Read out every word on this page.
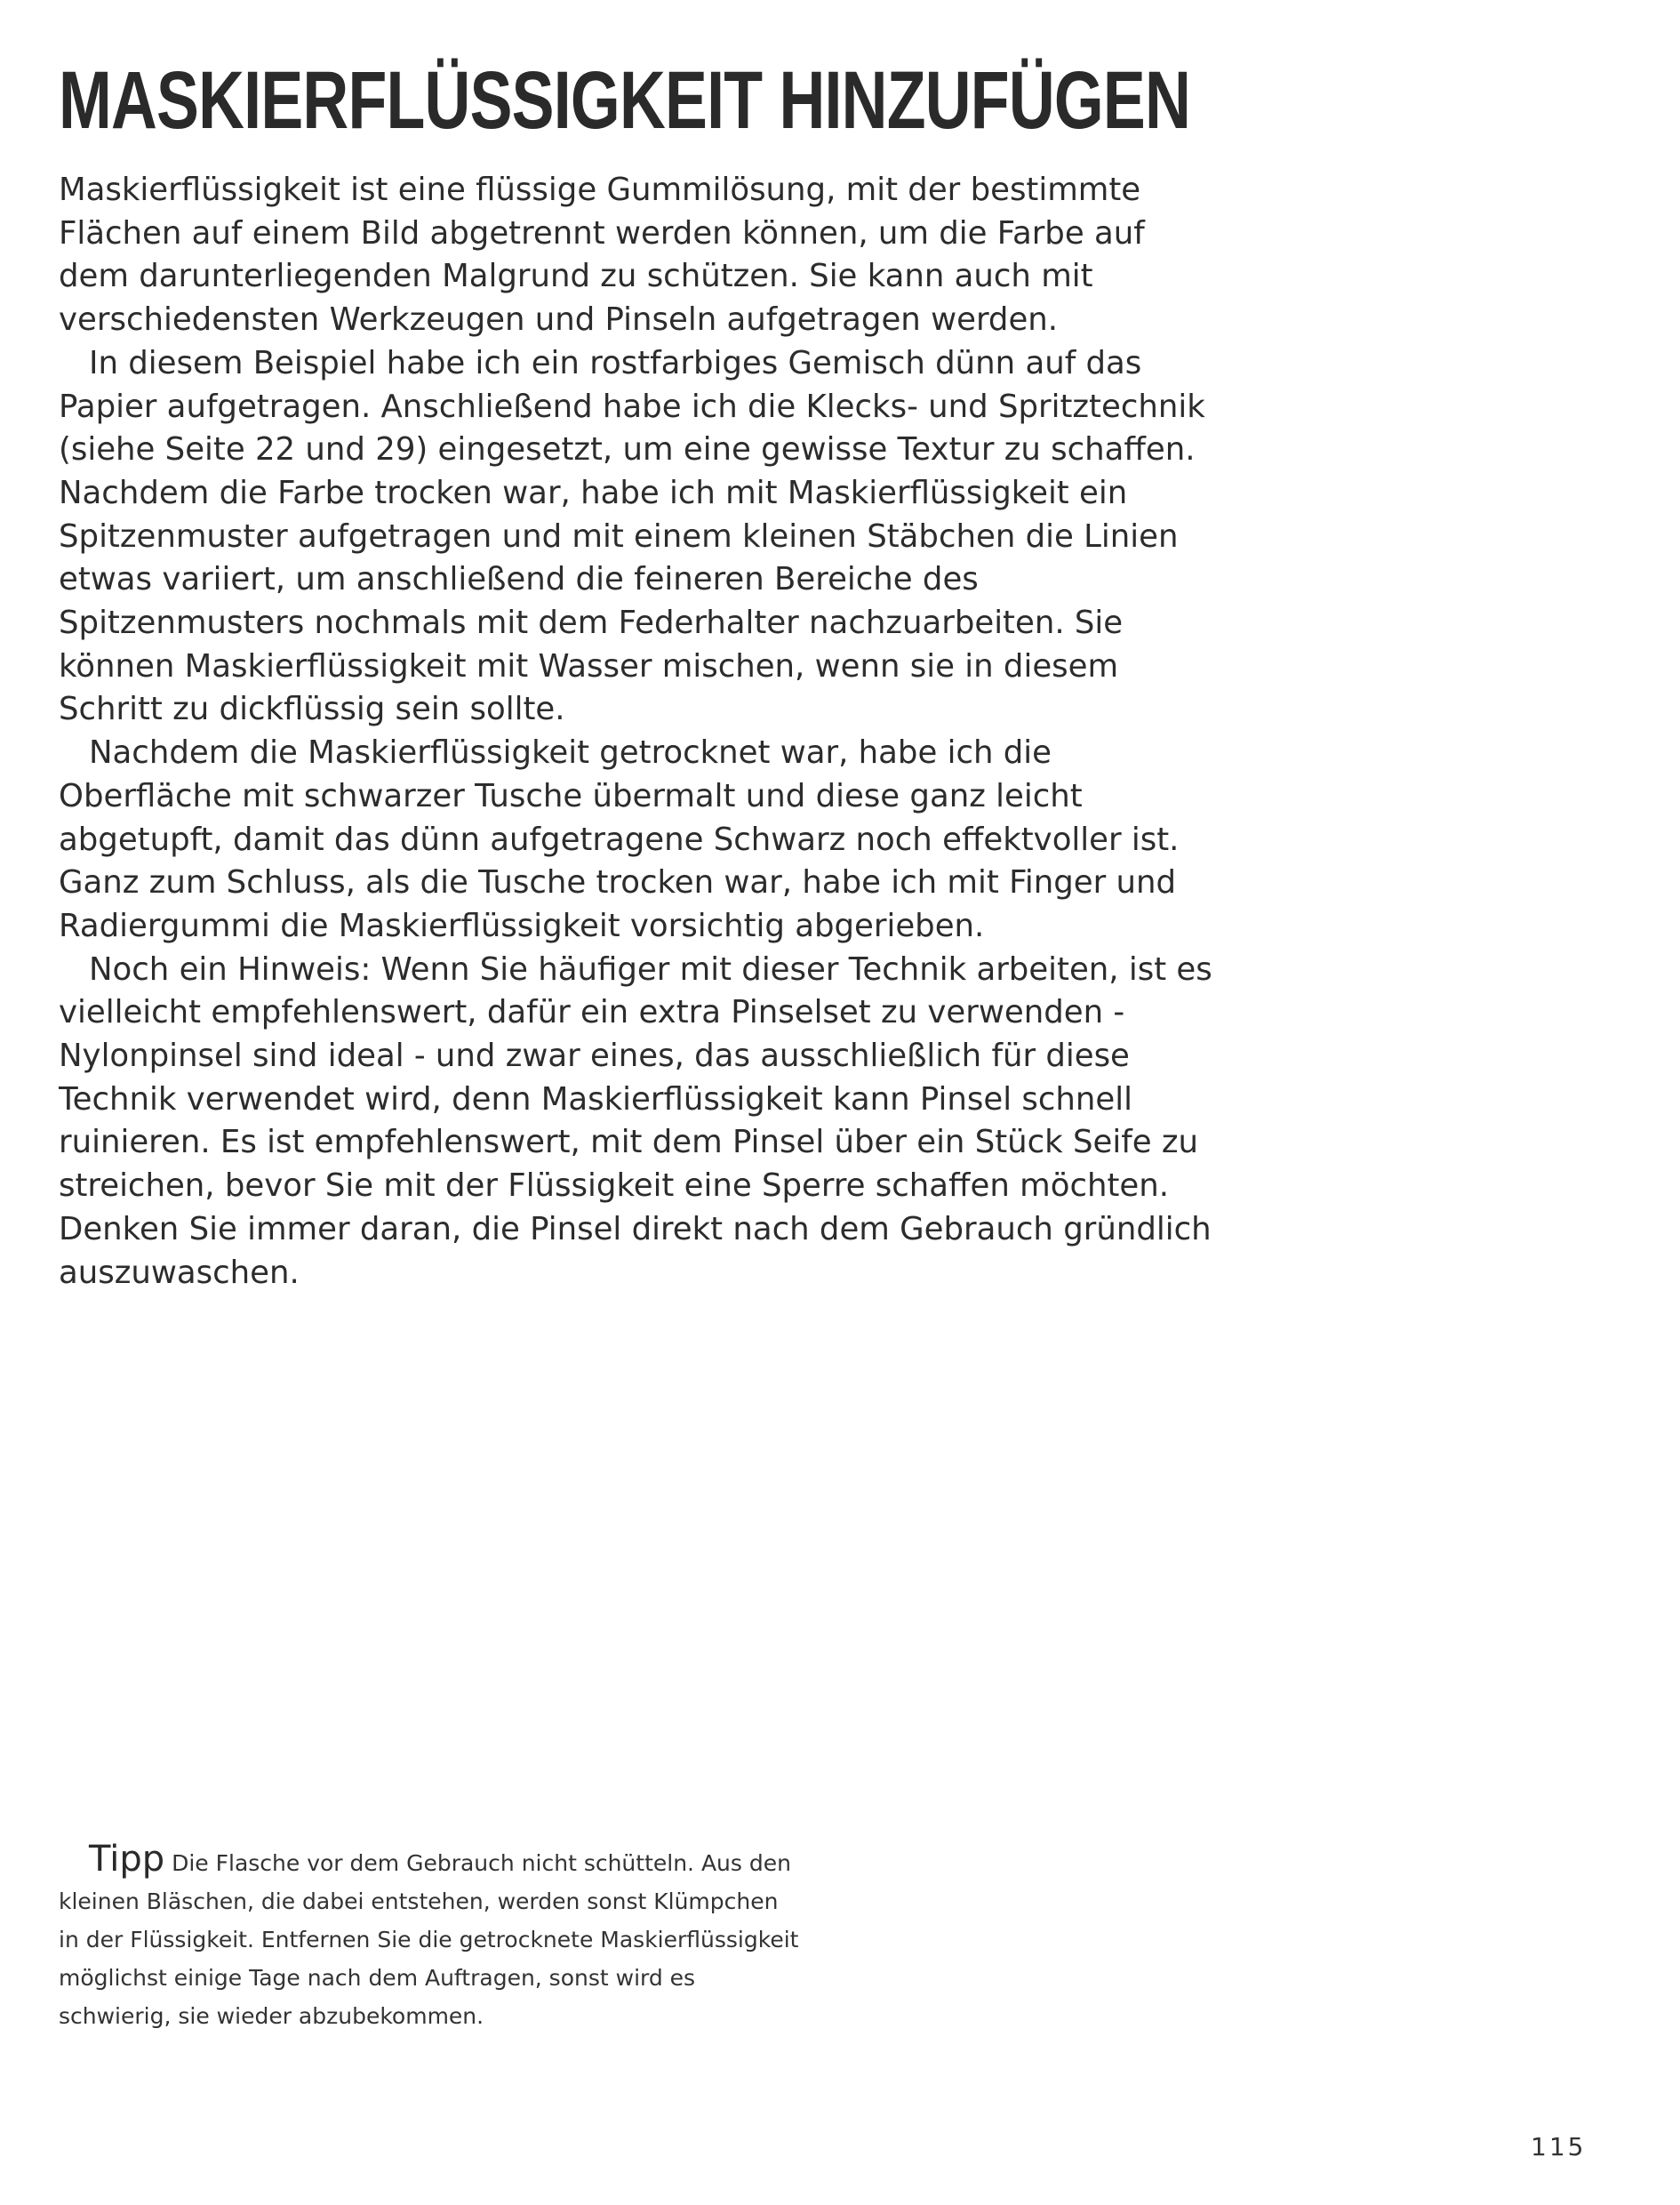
MASKIERFLÜSSIGKEIT HINZUFÜGEN

Maskierflüssigkeit ist eine flüssige Gummilösung, mit der bestimmte Flächen auf einem Bild abgetrennt werden können, um die Farbe auf dem darunterliegenden Malgrund zu schützen. Sie kann auch mit verschiedensten Werkzeugen und Pinseln aufgetragen werden.

In diesem Beispiel habe ich ein rostfarbiges Gemisch dünn auf das Papier aufgetragen. Anschließend habe ich die Klecks- und Spritztechnik (siehe Seite 22 und 29) eingesetzt, um eine gewisse Textur zu schaffen. Nachdem die Farbe trocken war, habe ich mit Maskierflüssigkeit ein Spitzenmuster aufgetragen und mit einem kleinen Stäbchen die Linien etwas variiert, um anschließend die feineren Bereiche des Spitzenmusters nochmals mit dem Federhalter nachzuarbeiten. Sie können Maskierflüssigkeit mit Wasser mischen, wenn sie in diesem Schritt zu dickflüssig sein sollte.

Nachdem die Maskierflüssigkeit getrocknet war, habe ich die Oberfläche mit schwarzer Tusche übermalt und diese ganz leicht abgetupft, damit das dünn aufgetragene Schwarz noch effektvoller ist. Ganz zum Schluss, als die Tusche trocken war, habe ich mit Finger und Radiergummi die Maskierflüssigkeit vorsichtig abgerieben.

Noch ein Hinweis: Wenn Sie häufiger mit dieser Technik arbeiten, ist es vielleicht empfehlenswert, dafür ein extra Pinselset zu verwenden - Nylonpinsel sind ideal - und zwar eines, das ausschließlich für diese Technik verwendet wird, denn Maskierflüssigkeit kann Pinsel schnell ruinieren. Es ist empfehlenswert, mit dem Pinsel über ein Stück Seife zu streichen, bevor Sie mit der Flüssigkeit eine Sperre schaffen möchten. Denken Sie immer daran, die Pinsel direkt nach dem Gebrauch gründlich auszuwaschen.

Tipp Die Flasche vor dem Gebrauch nicht schütteln. Aus den kleinen Bläschen, die dabei entstehen, werden sonst Klümpchen in der Flüssigkeit. Entfernen Sie die getrocknete Maskierflüssigkeit möglichst einige Tage nach dem Auftragen, sonst wird es schwierig, sie wieder abzubekommen.
115
